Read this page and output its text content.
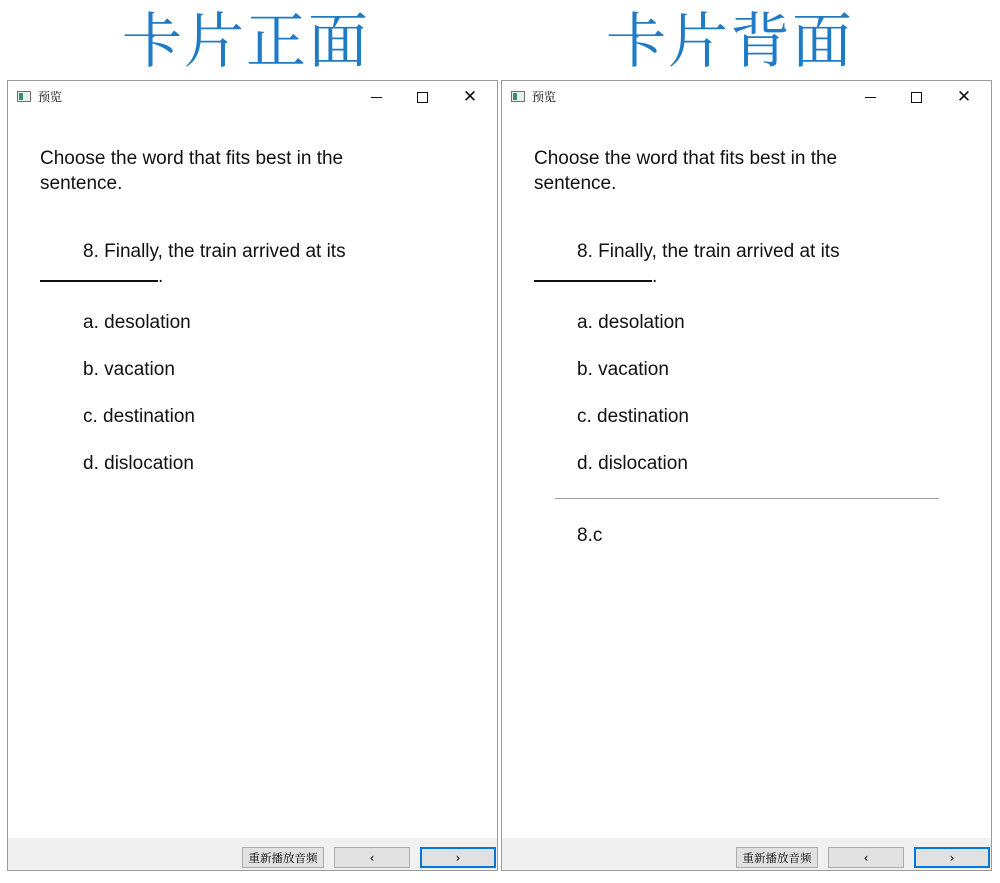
卡片正面	卡片背面
预览	✕
Choose the word that fits best in the sentence.
8. Finally, the train arrived at its
.
a. desolation
b. vacation
c. destination
d. dislocation
重新播放音频	‹	›
预览	✕
Choose the word that fits best in the sentence.
8. Finally, the train arrived at its
.
a. desolation
b. vacation
c. destination
d. dislocation
8.c
重新播放音频	‹	›
